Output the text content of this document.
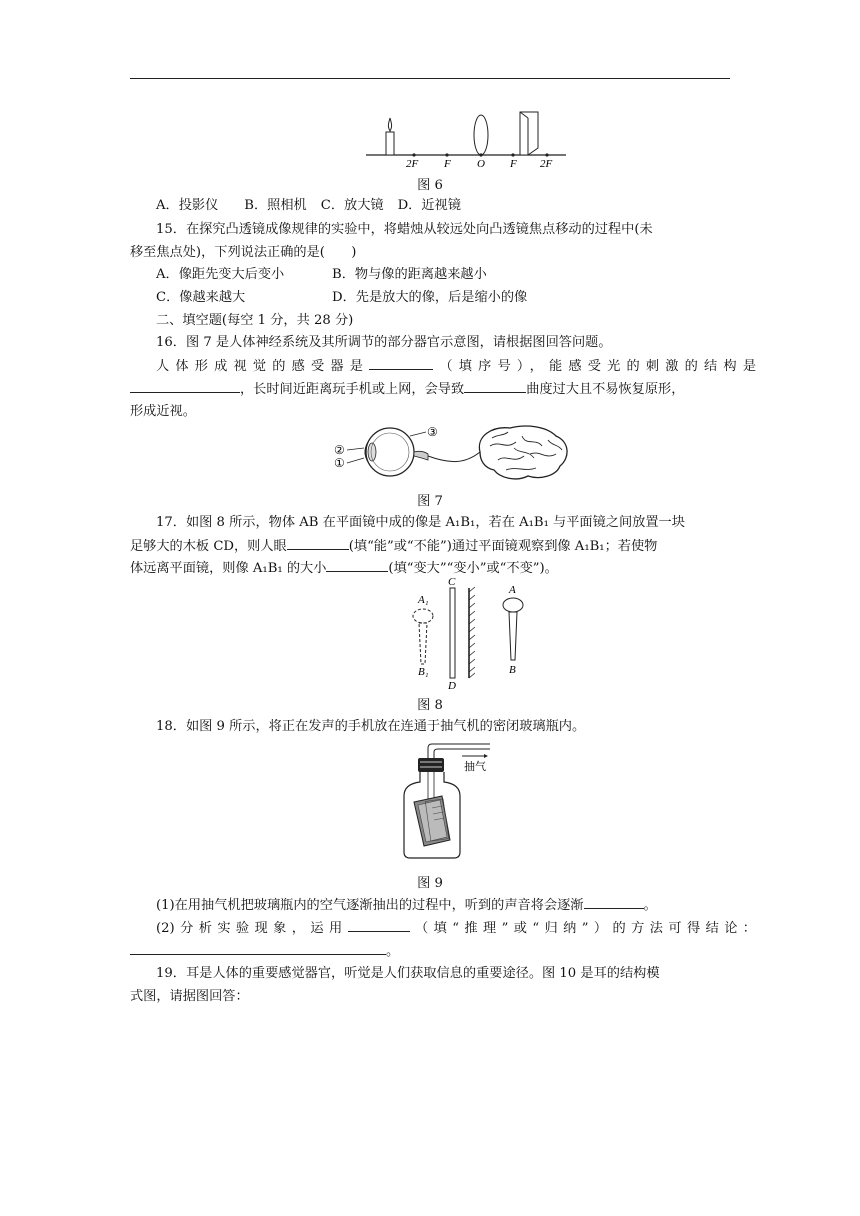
2F F O F 2F
图 6
A．投影仪 B．照相机 C．放大镜 D．近视镜
15．在探究凸透镜成像规律的实验中，将蜡烛从较远处向凸透镜焦点移动的过程中(未
移至焦点处)，下列说法正确的是(　　)
A．像距先变大后变小	B．物与像的距离越来越小
C．像越来越大	D．先是放大的像，后是缩小的像
二、填空题(每空 1 分，共 28 分)
16．图 7 是人体神经系统及其所调节的部分器官示意图，请根据图回答问题。
人体形成视觉的感受器是	（填序号），能感受光的刺激的结构是
，长时间近距离玩手机或上网，会导致	曲度过大且不易恢复原形，
形成近视。
②
①
③
图 7
17．如图 8 所示，物体 AB 在平面镜中成的像是 A₁B₁，若在 A₁B₁ 与平面镜之间放置一块
足够大的木板 CD，则人眼	(填“能”或“不能”)通过平面镜观察到像 A₁B₁；若使物
体远离平面镜，则像 A₁B₁ 的大小	(填“变大”“变小”或“不变”)。
A₁
B₁
C
D
A
B
图 8
18．如图 9 所示，将正在发声的手机放在连通于抽气机的密闭玻璃瓶内。
抽气
图 9
(1)在用抽气机把玻璃瓶内的空气逐渐抽出的过程中，听到的声音将会逐渐	。
(2)分析实验现象，运用	（填“推理”或“归纳”）的方法可得结论：
。
19．耳是人体的重要感觉器官，听觉是人们获取信息的重要途径。图 10 是耳的结构模
式图，请据图回答：
